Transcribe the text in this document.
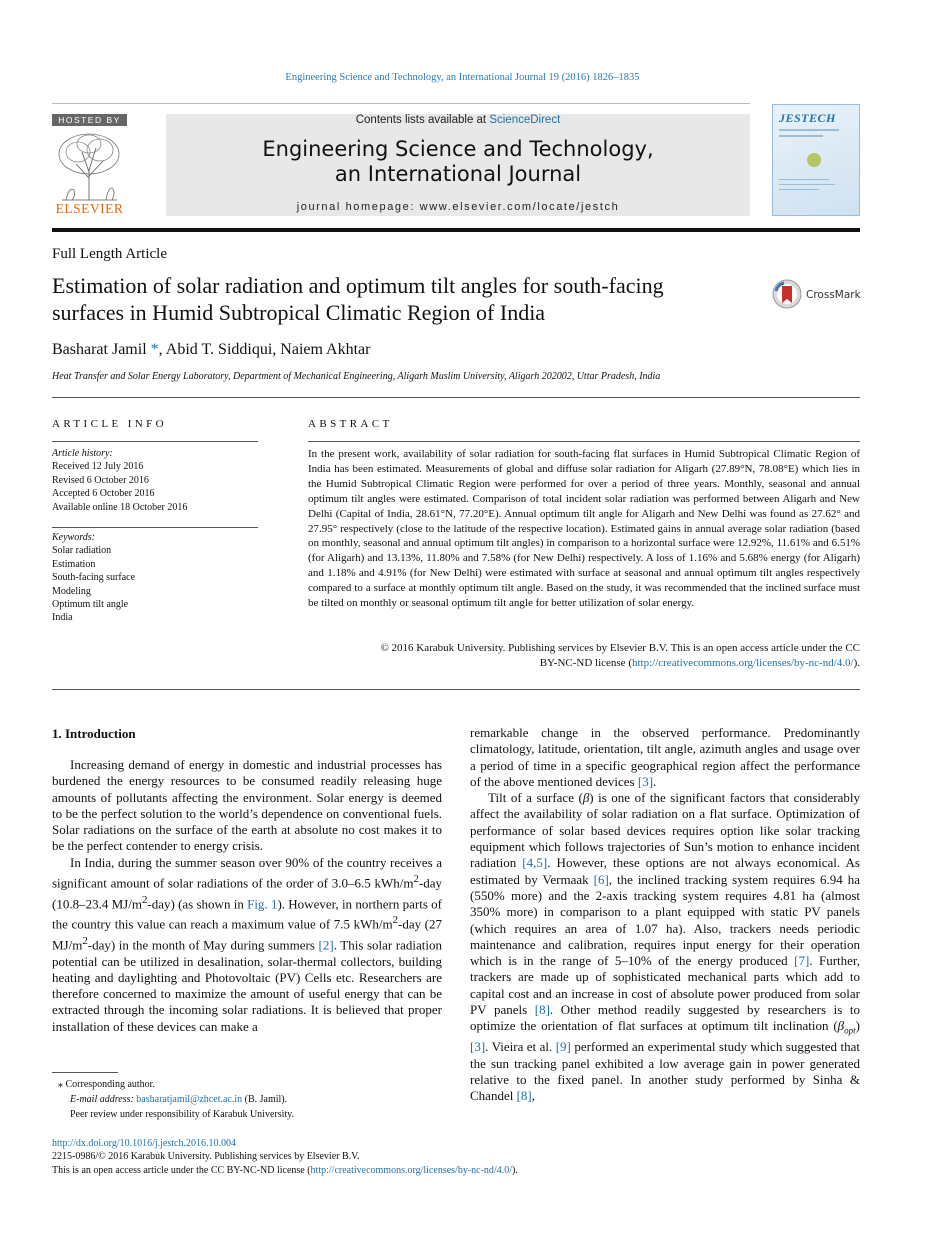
Engineering Science and Technology, an International Journal 19 (2016) 1826–1835
HOSTED BY
ELSEVIER
Contents lists available at ScienceDirect
Engineering Science and Technology,
an International Journal
journal homepage: www.elsevier.com/locate/jestch
JESTECH
Full Length Article
Estimation of solar radiation and optimum tilt angles for south-facing
surfaces in Humid Subtropical Climatic Region of India
CrossMark
Basharat Jamil *, Abid T. Siddiqui, Naiem Akhtar
Heat Transfer and Solar Energy Laboratory, Department of Mechanical Engineering, Aligarh Muslim University, Aligarh 202002, Uttar Pradesh, India
ARTICLE INFO
Article history:
Received 12 July 2016
Revised 6 October 2016
Accepted 6 October 2016
Available online 18 October 2016
Keywords:
Solar radiation
Estimation
South-facing surface
Modeling
Optimum tilt angle
India
ABSTRACT
In the present work, availability of solar radiation for south-facing flat surfaces in Humid Subtropical Climatic Region of India has been estimated. Measurements of global and diffuse solar radiation for Aligarh (27.89°N, 78.08°E) which lies in the Humid Subtropical Climatic Region were performed for over a period of three years. Monthly, seasonal and annual optimum tilt angles were estimated. Comparison of total incident solar radiation was performed between Aligarh and New Delhi (Capital of India, 28.61°N, 77.20°E). Annual optimum tilt angle for Aligarh and New Delhi was found as 27.62° and 27.95° respectively (close to the latitude of the respective location). Estimated gains in annual average solar radiation (based on monthly, seasonal and annual optimum tilt angles) in comparison to a horizontal surface were 12.92%, 11.61% and 6.51% (for Aligarh) and 13.13%, 11.80% and 7.58% (for New Delhi) respectively. A loss of 1.16% and 5.68% energy (for Aligarh) and 1.18% and 4.91% (for New Delhi) were estimated with surface at seasonal and annual optimum tilt angles respectively compared to a surface at monthly optimum tilt angle. Based on the study, it was recommended that the inclined surface must be tilted on monthly or seasonal optimum tilt angle for better utilization of solar energy.
© 2016 Karabuk University. Publishing services by Elsevier B.V. This is an open access article under the CC
BY-NC-ND license (http://creativecommons.org/licenses/by-nc-nd/4.0/).
1. Introduction

Increasing demand of energy in domestic and industrial processes has burdened the energy resources to be consumed readily releasing huge amounts of pollutants affecting the environment. Solar energy is deemed to be the perfect solution to the world’s dependence on conventional fuels. Solar radiations on the surface of the earth at absolute no cost makes it to be the perfect contender to energy crisis.

In India, during the summer season over 90% of the country receives a significant amount of solar radiations of the order of 3.0–6.5 kWh/$m^2$-day (10.8–23.4 $MJ/m^2-day$) (as shown in Fig. 1). However, in northern parts of the country this value can reach a maximum value of 7.5 kWh/$m^2$-day (27 $MJ/m^2-day$) in the month of May during summers [2]. This solar radiation potential can be utilized in desalination, solar-thermal collectors, building heating and daylighting and Photovoltaic (PV) Cells etc. Researchers are therefore concerned to maximize the amount of useful energy that can be extracted through the incoming solar radiations. It is believed that proper installation of these devices can make a

remarkable change in the observed performance. Predominantly climatology, latitude, orientation, tilt angle, azimuth angles and usage over a period of time in a specific geographical region affect the performance of the above mentioned devices [3].

Tilt of a surface (β) is one of the significant factors that considerably affect the availability of solar radiation on a flat surface. Optimization of performance of solar based devices requires option like solar tracking equipment which follows trajectories of Sun’s motion to enhance incident radiation [4,5]. However, these options are not always economical. As estimated by Vermaak [6], the inclined tracking system requires 6.94 ha (550% more) and the 2-axis tracking system requires 4.81 ha (almost 350% more) in comparison to a plant equipped with static PV panels (which requires an area of 1.07 ha). Also, trackers needs periodic maintenance and calibration, requires input energy for their operation which is in the range of 5–10% of the energy produced [7]. Further, trackers are made up of sophisticated mechanical parts which add to capital cost and an increase in cost of absolute power produced from solar PV panels [8]. Other method readily suggested by researchers is to optimize the orientation of flat surfaces at optimum tilt inclination $(\beta_{opt})$ [3]. Vieira et al. [9] performed an experimental study which suggested that the sun tracking panel exhibited a low average gain in power generated relative to the fixed panel. In another study performed by Sinha & Chandel [8],

⁎ Corresponding author.
E-mail address: basharatjamil@zhcet.ac.in (B. Jamil).
Peer review under responsibility of Karabuk University.
http://dx.doi.org/10.1016/j.jestch.2016.10.004
2215-0986/© 2016 Karabuk University. Publishing services by Elsevier B.V.
This is an open access article under the CC BY-NC-ND license (http://creativecommons.org/licenses/by-nc-nd/4.0/).
